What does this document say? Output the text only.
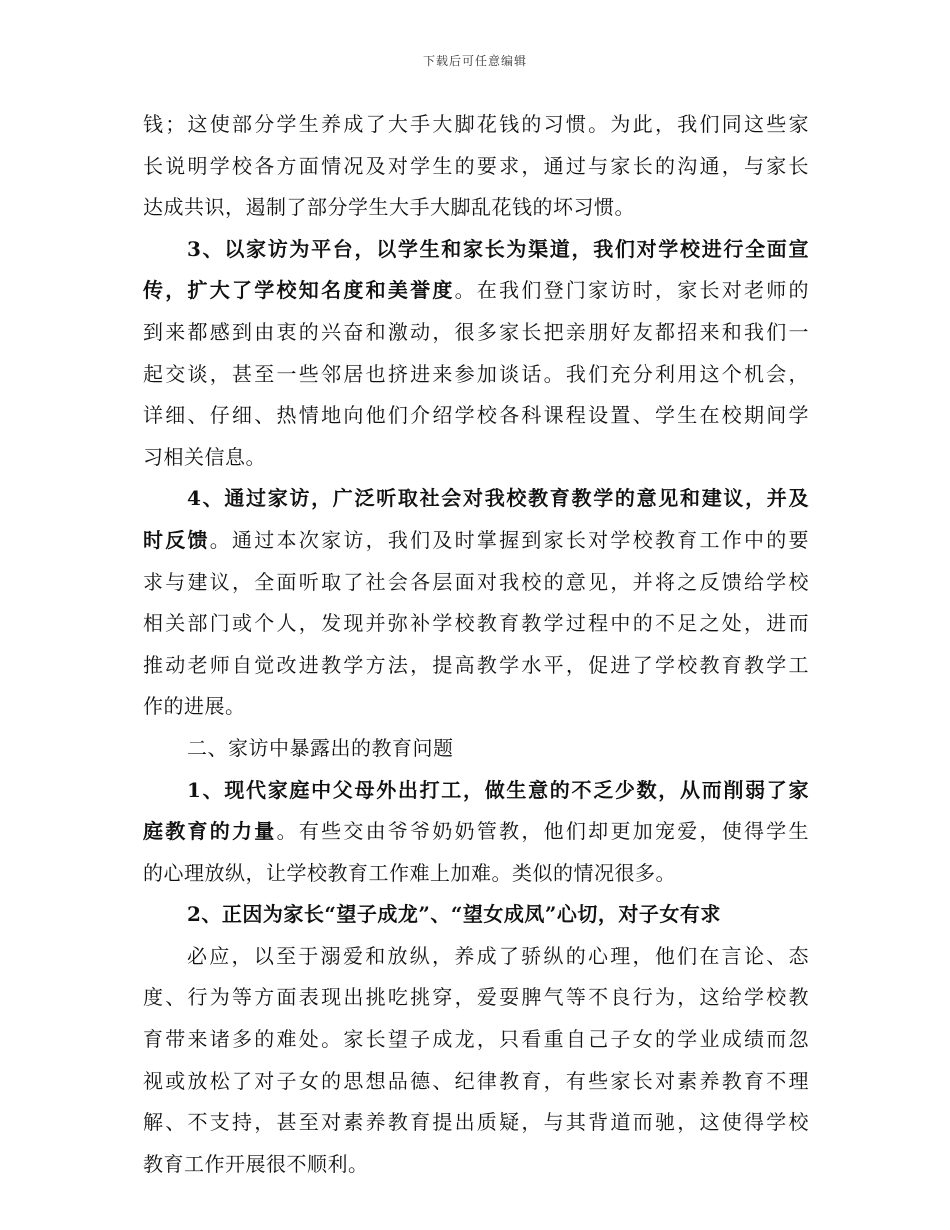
下载后可任意编辑
钱；这使部分学生养成了大手大脚花钱的习惯。为此，我们同这些家
长说明学校各方面情况及对学生的要求，通过与家长的沟通，与家长
达成共识，遏制了部分学生大手大脚乱花钱的坏习惯。
3、以家访为平台，以学生和家长为渠道，我们对学校进行全面宣
传，扩大了学校知名度和美誉度。在我们登门家访时，家长对老师的
到来都感到由衷的兴奋和激动，很多家长把亲朋好友都招来和我们一
起交谈，甚至一些邻居也挤进来参加谈话。我们充分利用这个机会，
详细、仔细、热情地向他们介绍学校各科课程设置、学生在校期间学
习相关信息。
4、通过家访，广泛听取社会对我校教育教学的意见和建议，并及
时反馈。通过本次家访，我们及时掌握到家长对学校教育工作中的要
求与建议，全面听取了社会各层面对我校的意见，并将之反馈给学校
相关部门或个人，发现并弥补学校教育教学过程中的不足之处，进而
推动老师自觉改进教学方法，提高教学水平，促进了学校教育教学工
作的进展。
二、家访中暴露出的教育问题
1、现代家庭中父母外出打工，做生意的不乏少数，从而削弱了家
庭教育的力量。有些交由爷爷奶奶管教，他们却更加宠爱，使得学生
的心理放纵，让学校教育工作难上加难。类似的情况很多。
2、正因为家长“望子成龙”、“望女成凤”心切，对子女有求
必应，以至于溺爱和放纵，养成了骄纵的心理，他们在言论、态
度、行为等方面表现出挑吃挑穿，爱耍脾气等不良行为，这给学校教
育带来诸多的难处。家长望子成龙，只看重自己子女的学业成绩而忽
视或放松了对子女的思想品德、纪律教育，有些家长对素养教育不理
解、不支持，甚至对素养教育提出质疑，与其背道而驰，这使得学校
教育工作开展很不顺利。
